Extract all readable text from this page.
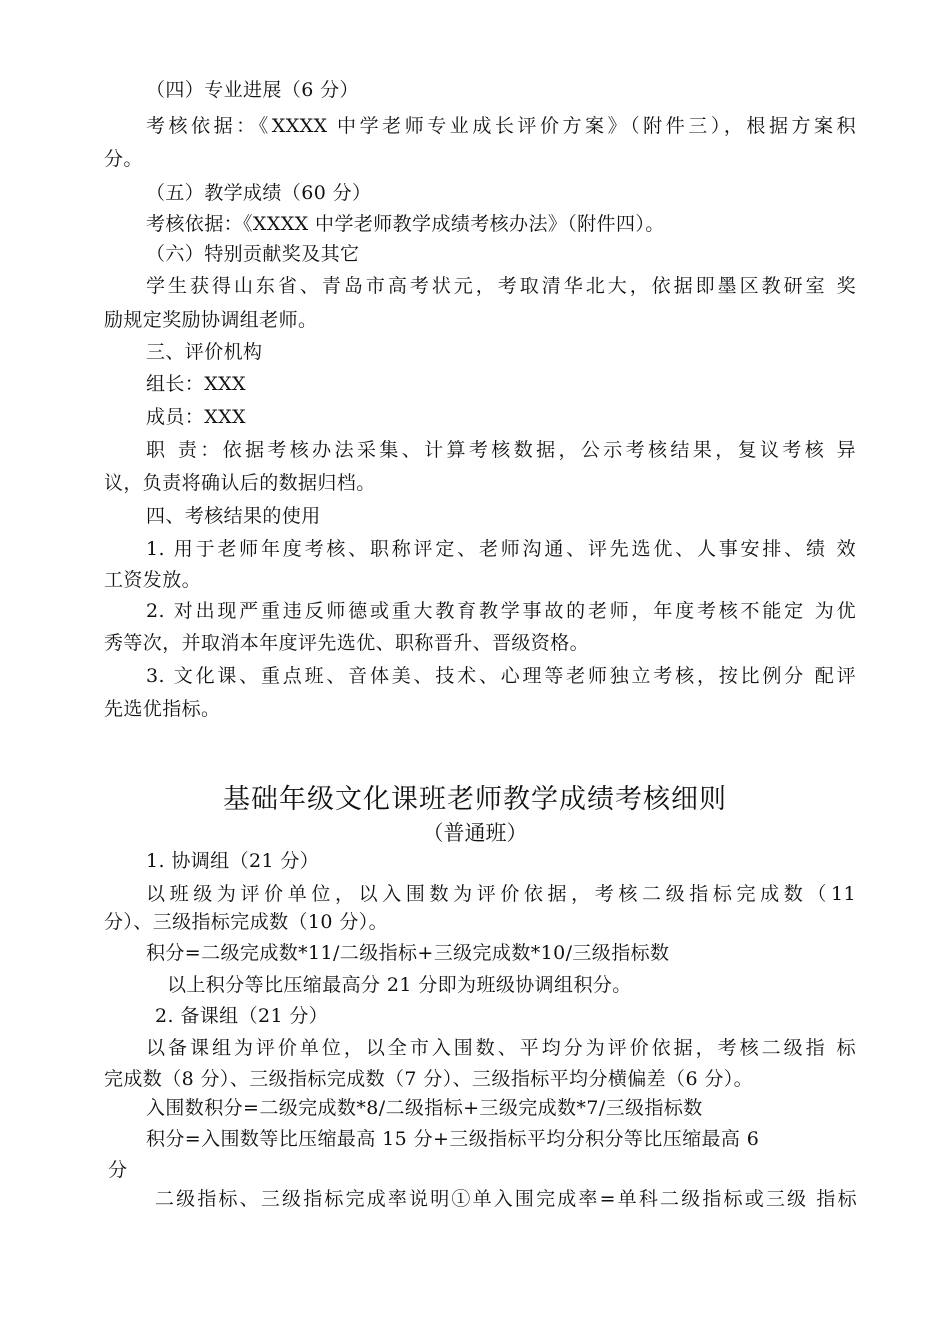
（四）专业进展（6 分）
考核依据：《XXXX 中学老师专业成长评价方案》（附件三），根据方案积
分。
（五）教学成绩（60 分）
考核依据：《XXXX 中学老师教学成绩考核办法》（附件四）。
（六）特别贡献奖及其它
学生获得山东省、青岛市高考状元，考取清华北大，依据即墨区教研室 奖
励规定奖励协调组老师。
三、评价机构
组长：XXX
成员：XXX
职 责：依据考核办法采集、计算考核数据，公示考核结果，复议考核 异
议，负责将确认后的数据归档。
四、考核结果的使用
1. 用于老师年度考核、职称评定、老师沟通、评先选优、人事安排、绩 效
工资发放。
2. 对出现严重违反师德或重大教育教学事故的老师，年度考核不能定 为优
秀等次，并取消本年度评先选优、职称晋升、晋级资格。
3. 文化课、重点班、音体美、技术、心理等老师独立考核，按比例分 配评
先选优指标。
基础年级文化课班老师教学成绩考核细则
（普通班）
1. 协调组（21 分）
以班级为评价单位，以入围数为评价依据，考核二级指标完成数（11
分）、三级指标完成数（10 分）。
积分=二级完成数*11/二级指标+三级完成数*10/三级指标数
以上积分等比压缩最高分 21 分即为班级协调组积分。
2. 备课组（21 分）
以备课组为评价单位，以全市入围数、平均分为评价依据，考核二级指 标
完成数（8 分）、三级指标完成数（7 分）、三级指标平均分横偏差（6 分）。
入围数积分=二级完成数*8/二级指标+三级完成数*7/三级指标数
积分=入围数等比压缩最高 15 分+三级指标平均分积分等比压缩最高 6
分
二级指标、三级指标完成率说明①单入围完成率=单科二级指标或三级 指标
